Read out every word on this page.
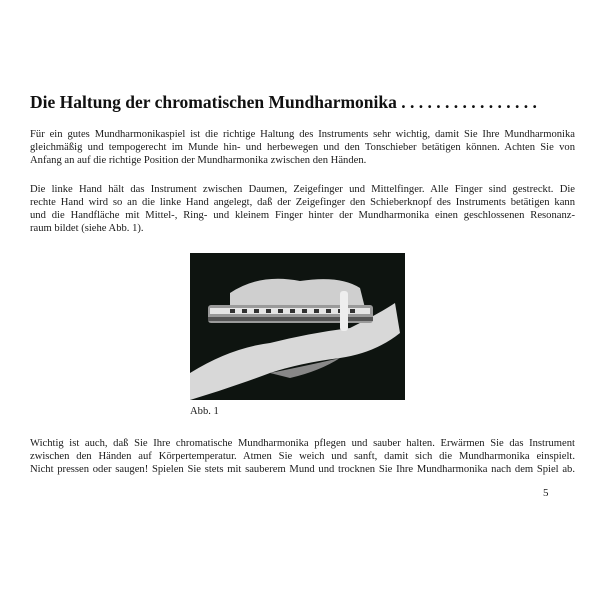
Die Haltung der chromatischen Mundharmonika . . . . . . . . . . . . . . . .
Für ein gutes Mundharmonikaspiel ist die richtige Haltung des Instruments sehr wichtig, damit Sie Ihre Mundharmonika
gleichmäßig und tempogerecht im Munde hin- und herbewegen und den Tonschieber betätigen können. Achten Sie von
Anfang an auf die richtige Position der Mundharmonika zwischen den Händen.
Die linke Hand hält das Instrument zwischen Daumen, Zeigefinger und Mittelfinger. Alle Finger sind gestreckt. Die
rechte Hand wird so an die linke Hand angelegt, daß der Zeigefinger den Schieberknopf des Instruments betätigen kann
und die Handfläche mit Mittel-, Ring- und kleinem Finger hinter der Mundharmonika einen geschlossenen Resonanz-
raum bildet (siehe Abb. 1).
Abb. 1
Wichtig ist auch, daß Sie Ihre chromatische Mundharmonika pflegen und sauber halten. Erwärmen Sie das Instrument
zwischen den Händen auf Körpertemperatur. Atmen Sie weich und sanft, damit sich die Mundharmonika einspielt.
Nicht pressen oder saugen! Spielen Sie stets mit sauberem Mund und trocknen Sie Ihre Mundharmonika nach dem Spiel ab.
5
